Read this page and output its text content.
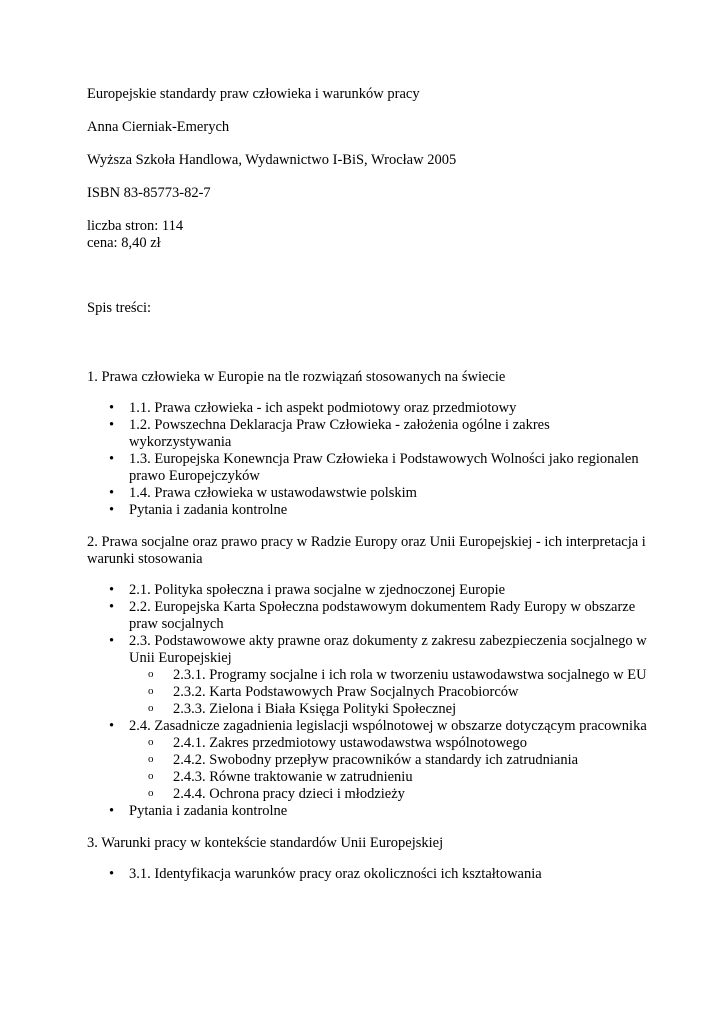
Europejskie standardy praw człowieka i warunków pracy

Anna Cierniak-Emerych

Wyższa Szkoła Handlowa, Wydawnictwo I-BiS, Wrocław 2005

ISBN 83-85773-82-7

liczba stron: 114

cena: 8,40 zł

Spis treści:

1. Prawa człowieka w Europie na tle rozwiązań stosowanych na świecie

• 1.1. Prawa człowieka - ich aspekt podmiotowy oraz przedmiotowy
• 1.2. Powszechna Deklaracja Praw Człowieka - założenia ogólne i zakres wykorzystywania
• 1.3. Europejska Konewncja Praw Człowieka i Podstawowych Wolności jako regionalen prawo Europejczyków
• 1.4. Prawa człowieka w ustawodawstwie polskim
• Pytania i zadania kontrolne

2. Prawa socjalne oraz prawo pracy w Radzie Europy oraz Unii Europejskiej - ich interpretacja i warunki stosowania

• 2.1. Polityka społeczna i prawa socjalne w zjednoczonej Europie
• 2.2. Europejska Karta Społeczna podstawowym dokumentem Rady Europy w obszarze praw socjalnych
• 2.3. Podstawowowe akty prawne oraz dokumenty z zakresu zabezpieczenia socjalnego w Unii Europejskiej
o 2.3.1. Programy socjalne i ich rola w tworzeniu ustawodawstwa socjalnego w EU
o 2.3.2. Karta Podstawowych Praw Socjalnych Pracobiorców
o 2.3.3. Zielona i Biała Księga Polityki Społecznej
• 2.4. Zasadnicze zagadnienia legislacji wspólnotowej w obszarze dotyczącym pracownika
o 2.4.1. Zakres przedmiotowy ustawodawstwa wspólnotowego
o 2.4.2. Swobodny przepływ pracowników a standardy ich zatrudniania
o 2.4.3. Równe traktowanie w zatrudnieniu
o 2.4.4. Ochrona pracy dzieci i młodzieży
• Pytania i zadania kontrolne

3. Warunki pracy w kontekście standardów Unii Europejskiej

• 3.1. Identyfikacja warunków pracy oraz okoliczności ich kształtowania
